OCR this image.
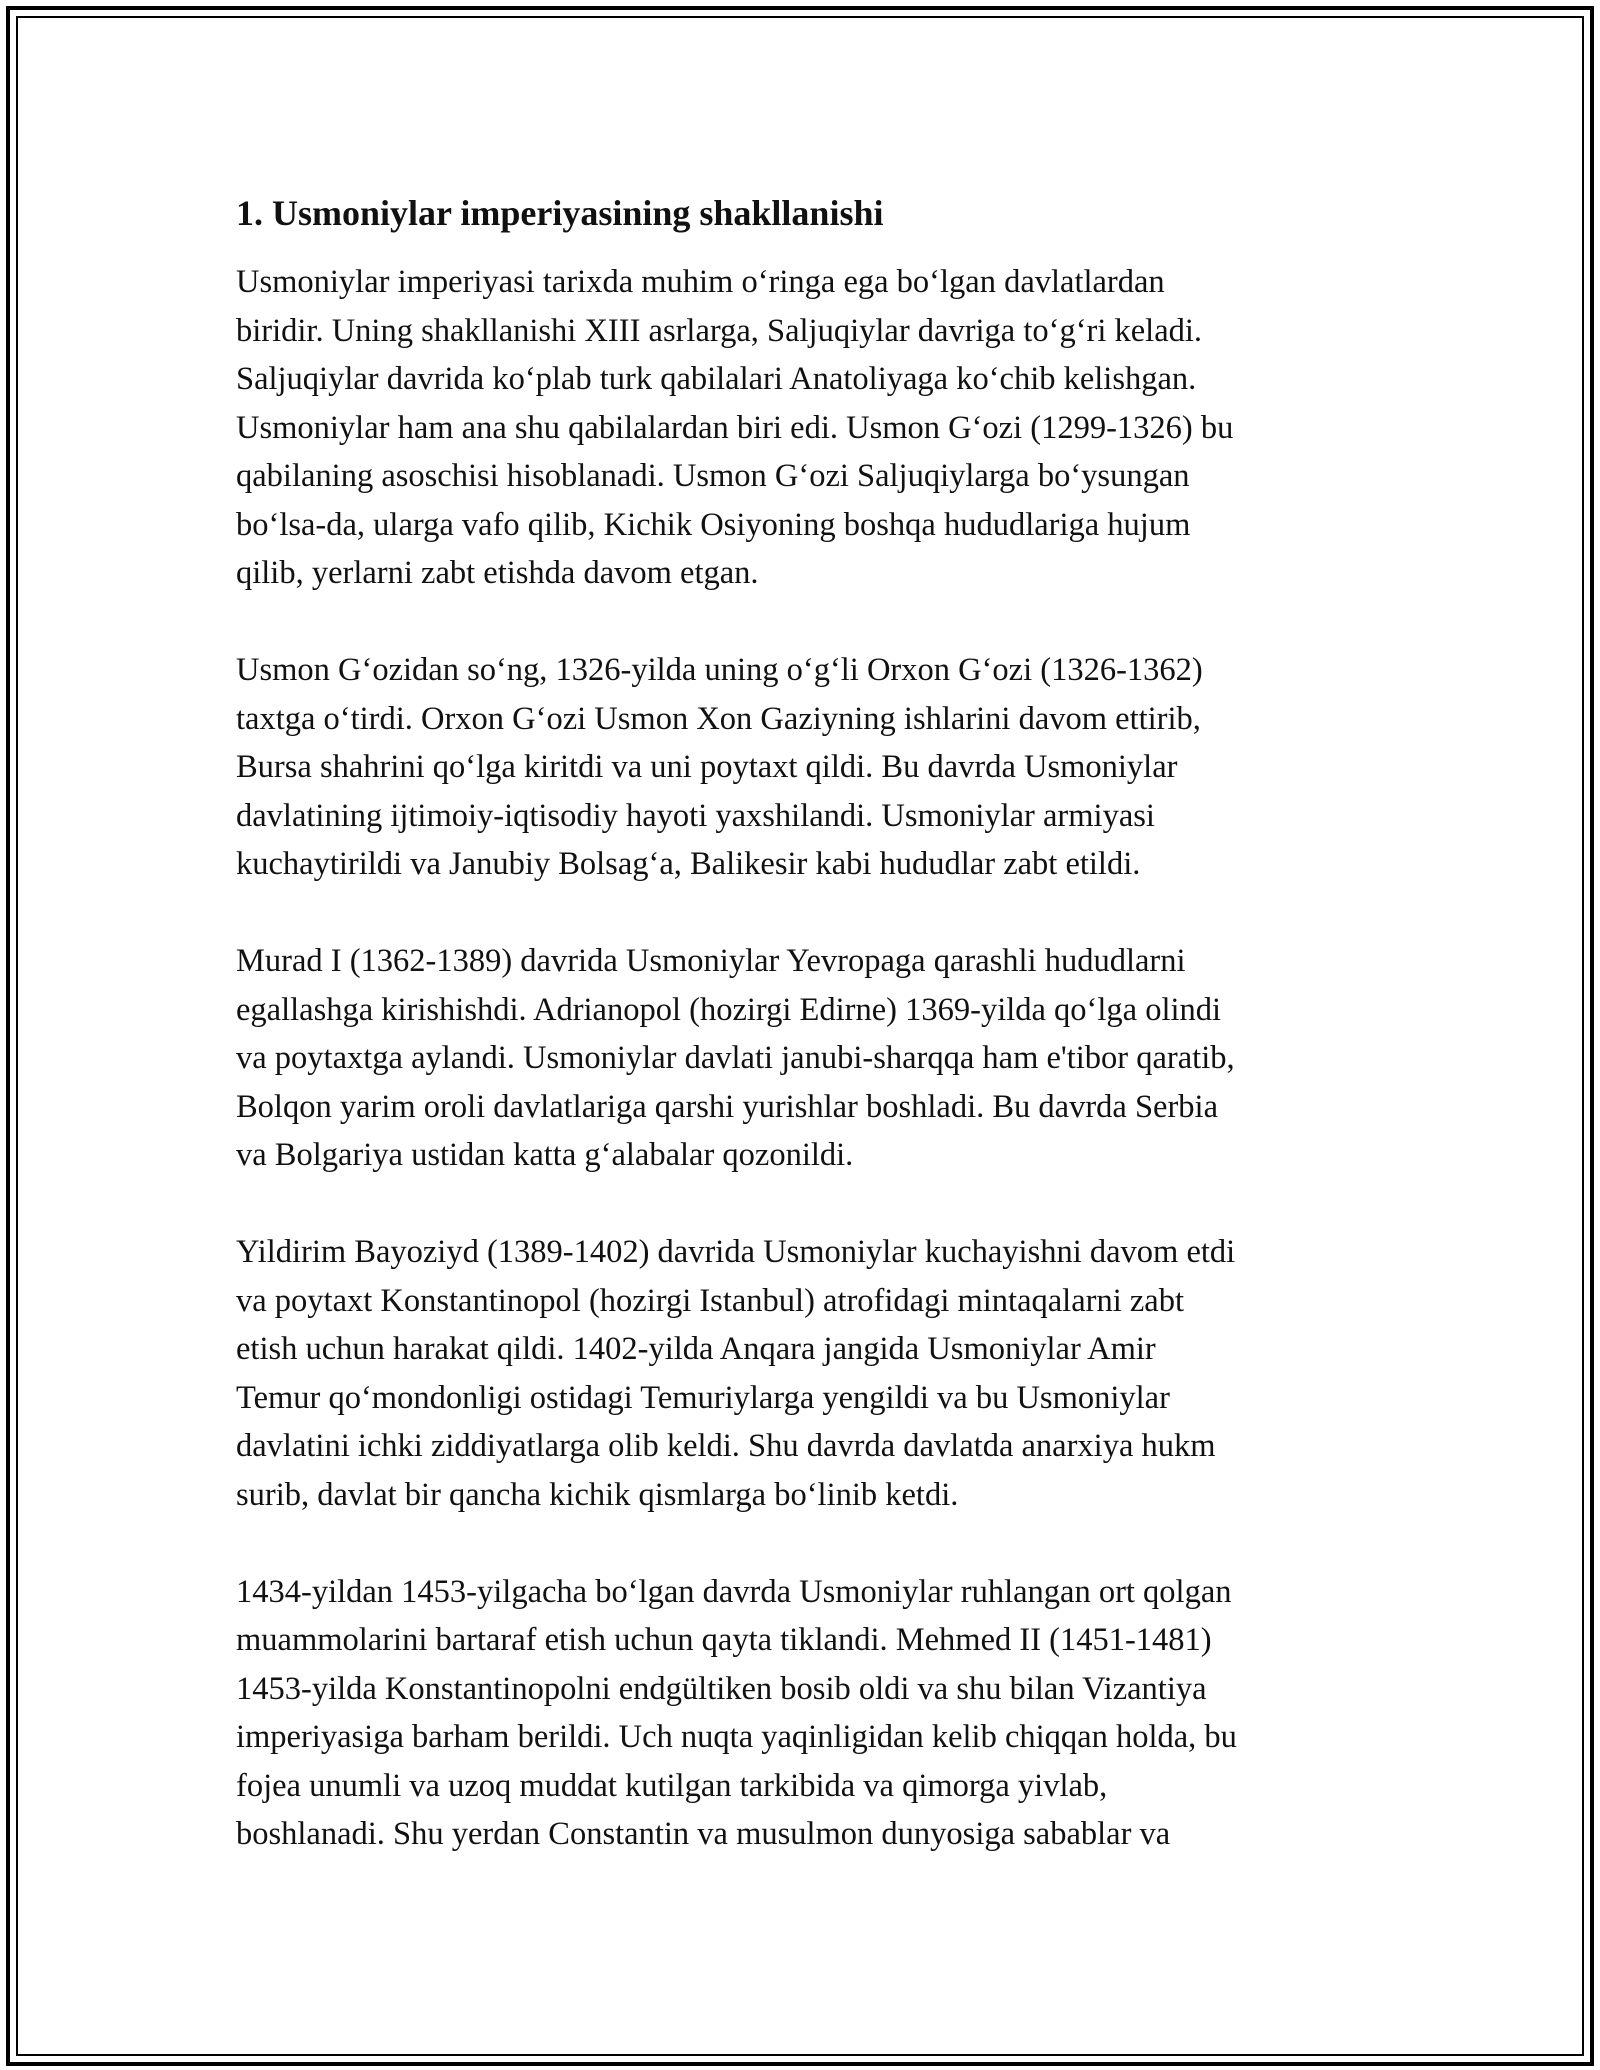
1. Usmoniylar imperiyasining shakllanishi
Usmoniylar imperiyasi tarixda muhim oʻringa ega boʻlgan davlatlardan
biridir. Uning shakllanishi XIII asrlarga, Saljuqiylar davriga toʻgʻri keladi.
Saljuqiylar davrida koʻplab turk qabilalari Anatoliyaga koʻchib kelishgan.
Usmoniylar ham ana shu qabilalardan biri edi. Usmon Gʻozi (1299-1326) bu
qabilaning asoschisi hisoblanadi. Usmon Gʻozi Saljuqiylarga boʻysungan
boʻlsa-da, ularga vafo qilib, Kichik Osiyoning boshqa hududlariga hujum
qilib, yerlarni zabt etishda davom etgan.
Usmon Gʻozidan soʻng, 1326-yilda uning oʻgʻli Orxon Gʻozi (1326-1362)
taxtga oʻtirdi. Orxon Gʻozi Usmon Xon Gaziyning ishlarini davom ettirib,
Bursa shahrini qoʻlga kiritdi va uni poytaxt qildi. Bu davrda Usmoniylar
davlatining ijtimoiy-iqtisodiy hayoti yaxshilandi. Usmoniylar armiyasi
kuchaytirildi va Janubiy Bolsagʻa, Balikesir kabi hududlar zabt etildi.
Murad I (1362-1389) davrida Usmoniylar Yevropaga qarashli hududlarni
egallashga kirishishdi. Adrianopol (hozirgi Edirne) 1369-yilda qoʻlga olindi
va poytaxtga aylandi. Usmoniylar davlati janubi-sharqqa ham e'tibor qaratib,
Bolqon yarim oroli davlatlariga qarshi yurishlar boshladi. Bu davrda Serbia
va Bolgariya ustidan katta gʻalabalar qozonildi.
Yildirim Bayoziyd (1389-1402) davrida Usmoniylar kuchayishni davom etdi
va poytaxt Konstantinopol (hozirgi Istanbul) atrofidagi mintaqalarni zabt
etish uchun harakat qildi. 1402-yilda Anqara jangida Usmoniylar Amir
Temur qoʻmondonligi ostidagi Temuriylarga yengildi va bu Usmoniylar
davlatini ichki ziddiyatlarga olib keldi. Shu davrda davlatda anarxiya hukm
surib, davlat bir qancha kichik qismlarga boʻlinib ketdi.
1434-yildan 1453-yilgacha boʻlgan davrda Usmoniylar ruhlangan ort qolgan
muammolarini bartaraf etish uchun qayta tiklandi. Mehmed II (1451-1481)
1453-yilda Konstantinopolni endgültiken bosib oldi va shu bilan Vizantiya
imperiyasiga barham berildi. Uch nuqta yaqinligidan kelib chiqqan holda, bu
fojea unumli va uzoq muddat kutilgan tarkibida va qimorga yivlab,
boshlanadi. Shu yerdan Constantin va musulmon dunyosiga sabablar va
